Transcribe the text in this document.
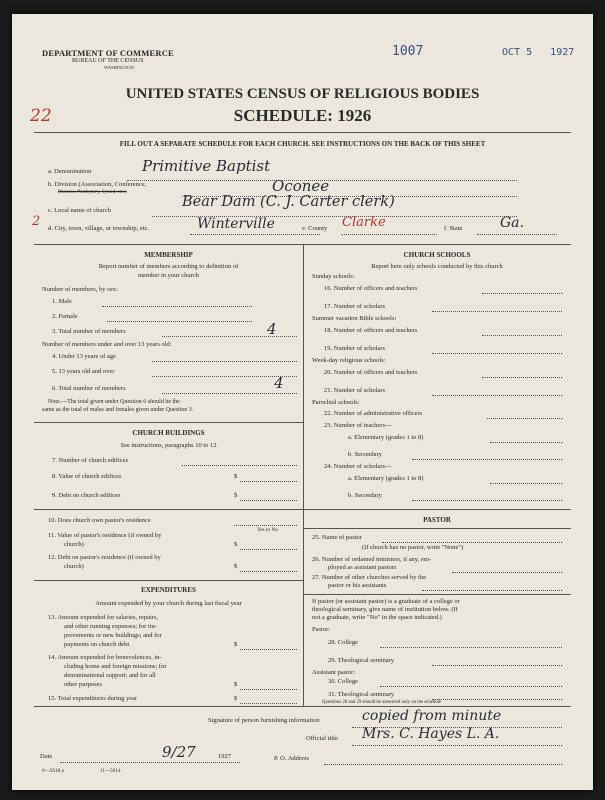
DEPARTMENT OF COMMERCE
BUREAU OF THE CENSUS
WASHINGTON
1007	OCT 5 1927
22
UNITED STATES CENSUS OF RELIGIOUS BODIES
SCHEDULE: 1926
FILL OUT A SEPARATE SCHEDULE FOR EACH CHURCH. SEE INSTRUCTIONS ON THE BACK OF THIS SHEET
a. Denomination	Primitive Baptist
b. Division (Association, Conference,
Diocese, Presbytery, Synod, etc.)	Oconee
c. Local name of church
Bear Dam (C. J. Carter clerk)
2 d. City, town, village, or township, etc.	Winterville	e. County Clarke	f. State	Ga.
MEMBERSHIP
Report number of members according to definition of
member in your church
Number of members, by sex:
1. Male
2. Female
3. Total number of members	4
Number of members under and over 13 years old:
4. Under 13 years of age
5. 13 years old and over
6. Total number of members	4
Note.—The total given under Question 6 should be the
same as the total of males and females given under Question 3.
CHURCH BUILDINGS
See instructions, paragraphs 10 to 12
7. Number of church edifices
8. Value of church edifices	$
9. Debt on church edifices	$
10. Does church own pastor's residence
Yes or No
11. Value of pastor's residence (if owned by
church)	$
12. Debt on pastor's residence (if owned by
church)	$
EXPENDITURES
Amount expended by your church during last fiscal year
13. Amount expended for salaries, repairs,
and other running expenses; for im-
provements or new buildings; and for
payments on church debt	$
14. Amount expended for benevolences, in-
cluding home and foreign missions; for
denominational support; and for all
other purposes	$
15. Total expenditures during year	$
CHURCH SCHOOLS
Report here only schools conducted by this church
Sunday schools:
16. Number of officers and teachers
17. Number of scholars
Summer vacation Bible schools:
18. Number of officers and teachers
19. Number of scholars
Week-day religious schools:
20. Number of officers and teachers
21. Number of scholars
Parochial schools:
22. Number of administrative officers
23. Number of teachers—
a. Elementary (grades 1 to 8)
b. Secondary
24. Number of scholars—
a. Elementary (grades 1 to 8)
b. Secondary
PASTOR
25. Name of pastor
(If church has no pastor, write "None")
26. Number of ordained ministers, if any, em-
ployed as assistant pastors
27. Number of other churches served by the
pastor or his assistants
If pastor (or assistant pastor) is a graduate of a college or
theological seminary, give name of institution below. (If
not a graduate, write "No" in the space indicated.)
Pastor:
28. College
29. Theological seminary
Assistant pastor:
30. College
31. Theological seminary
Questions 28 and 29 should be answered only on the schedule
Signature of person furnishing information	copied from minute
Official title Mrs. C. Hayes L. A.
Date	9/27	1927	P. O. Address
6—5618 a	11—5614
